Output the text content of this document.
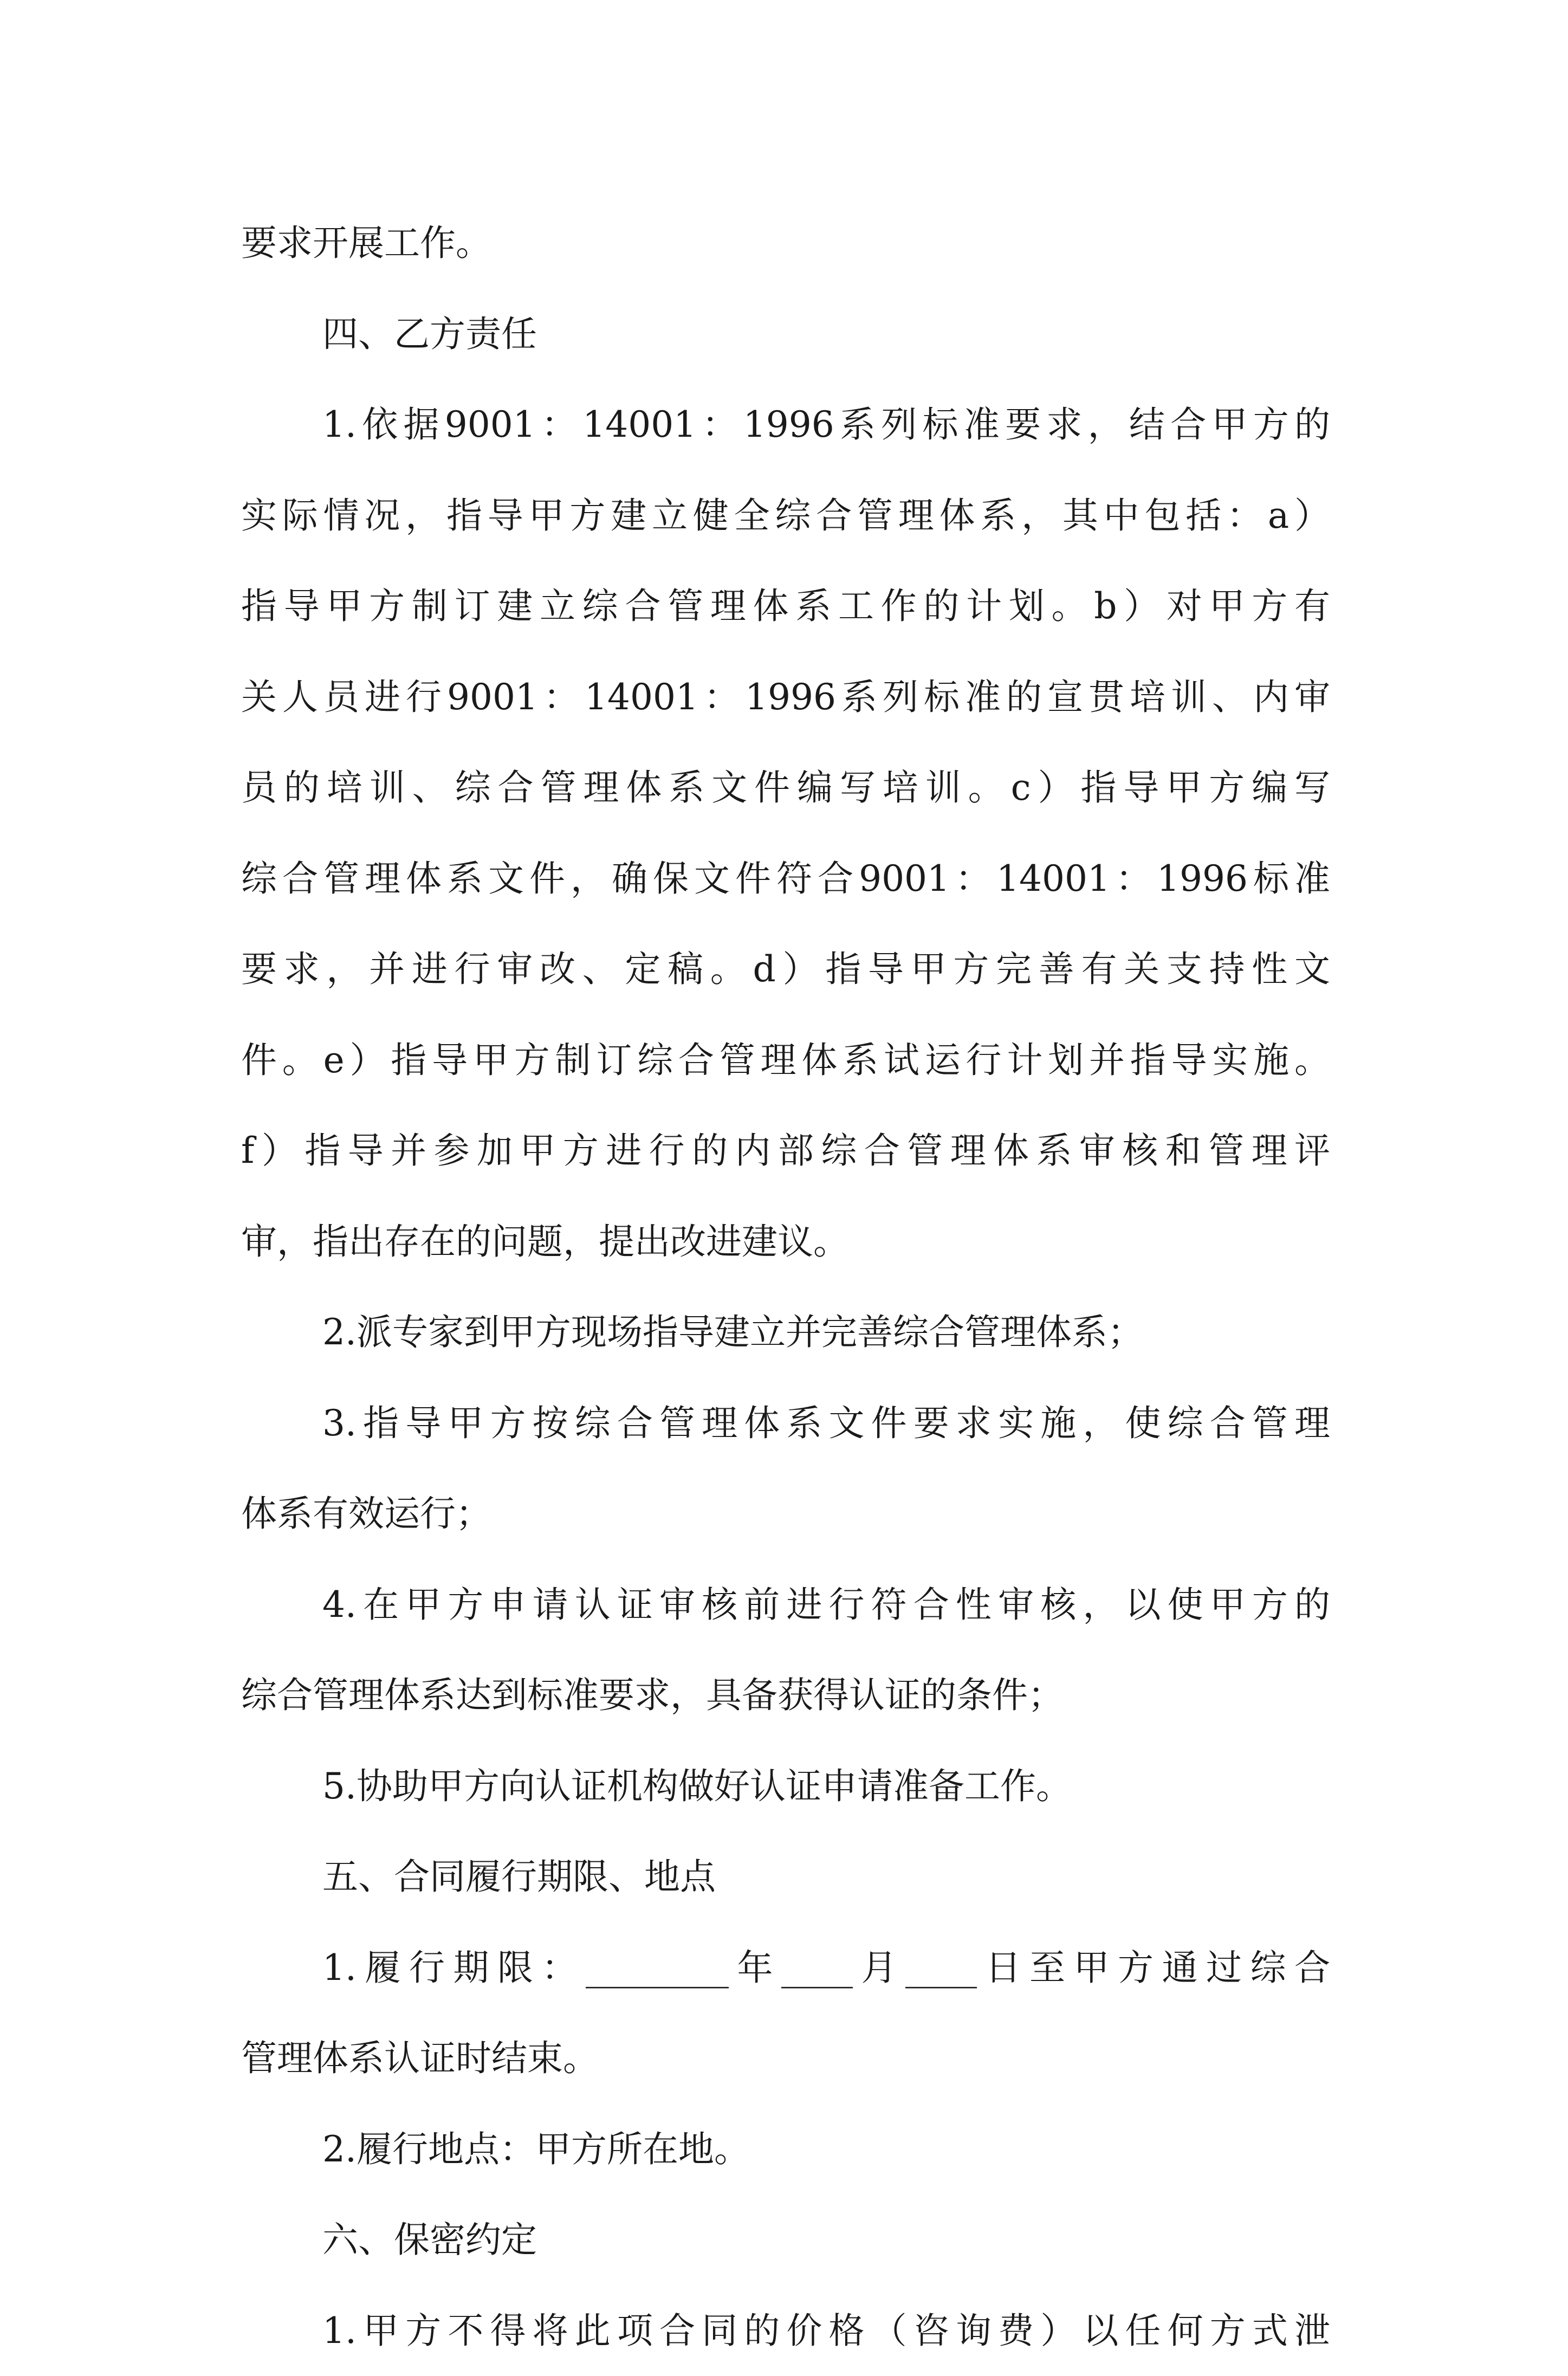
要求开展工作。
四、乙方责任
1.依据9001：14001：1996系列标准要求，结合甲方的
实际情况，指导甲方建立健全综合管理体系，其中包括：a）
指导甲方制订建立综合管理体系工作的计划。b）对甲方有
关人员进行9001：14001：1996系列标准的宣贯培训、内审
员的培训、综合管理体系文件编写培训。c）指导甲方编写
综合管理体系文件，确保文件符合9001：14001：1996标准
要求，并进行审改、定稿。d）指导甲方完善有关支持性文
件。e）指导甲方制订综合管理体系试运行计划并指导实施。
f）指导并参加甲方进行的内部综合管理体系审核和管理评
审，指出存在的问题，提出改进建议。
2.派专家到甲方现场指导建立并完善综合管理体系；
3.指导甲方按综合管理体系文件要求实施，使综合管理
体系有效运行；
4.在甲方申请认证审核前进行符合性审核，以使甲方的
综合管理体系达到标准要求，具备获得认证的条件；
5.协助甲方向认证机构做好认证申请准备工作。
五、合同履行期限、地点
1.履行期限：________年____月____日至甲方通过综合
管理体系认证时结束。
2.履行地点：甲方所在地。
六、保密约定
1.甲方不得将此项合同的价格（咨询费）以任何方式泄
